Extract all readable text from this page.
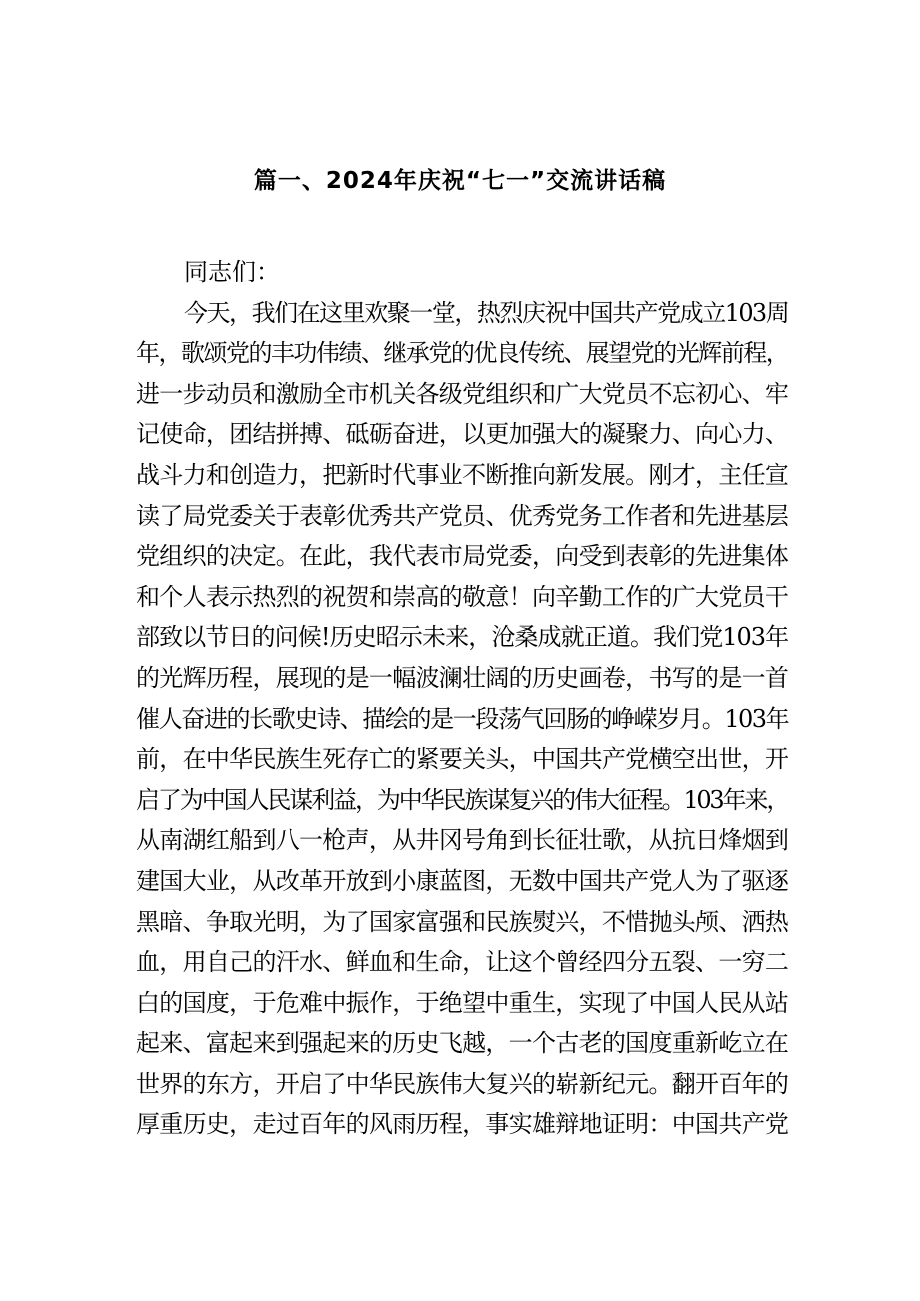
篇一、2024年庆祝“七一”交流讲话稿

同志们：

今天，我们在这里欢聚一堂，热烈庆祝中国共产党成立103周
年，歌颂党的丰功伟绩、继承党的优良传统、展望党的光辉前程，
进一步动员和激励全市机关各级党组织和广大党员不忘初心、牢
记使命，团结拼搏、砥砺奋进，以更加强大的凝聚力、向心力、
战斗力和创造力，把新时代事业不断推向新发展。刚才，主任宣
读了局党委关于表彰优秀共产党员、优秀党务工作者和先进基层
党组织的决定。在此，我代表市局党委，向受到表彰的先进集体
和个人表示热烈的祝贺和崇高的敬意！向辛勤工作的广大党员干
部致以节日的问候!历史昭示未来，沧桑成就正道。我们党103年
的光辉历程，展现的是一幅波澜壮阔的历史画卷，书写的是一首
催人奋进的长歌史诗、描绘的是一段荡气回肠的峥嵘岁月。103年
前，在中华民族生死存亡的紧要关头，中国共产党横空出世，开
启了为中国人民谋利益，为中华民族谋复兴的伟大征程。103年来，
从南湖红船到八一枪声，从井冈号角到长征壮歌，从抗日烽烟到
建国大业，从改革开放到小康蓝图，无数中国共产党人为了驱逐
黑暗、争取光明，为了国家富强和民族熨兴，不惜抛头颅、洒热
血，用自己的汗水、鲜血和生命，让这个曾经四分五裂、一穷二
白的国度，于危难中振作，于绝望中重生，实现了中国人民从站
起来、富起来到强起来的历史飞越，一个古老的国度重新屹立在
世界的东方，开启了中华民族伟大复兴的崭新纪元。翻开百年的
厚重历史，走过百年的风雨历程，事实雄辩地证明：中国共产党
